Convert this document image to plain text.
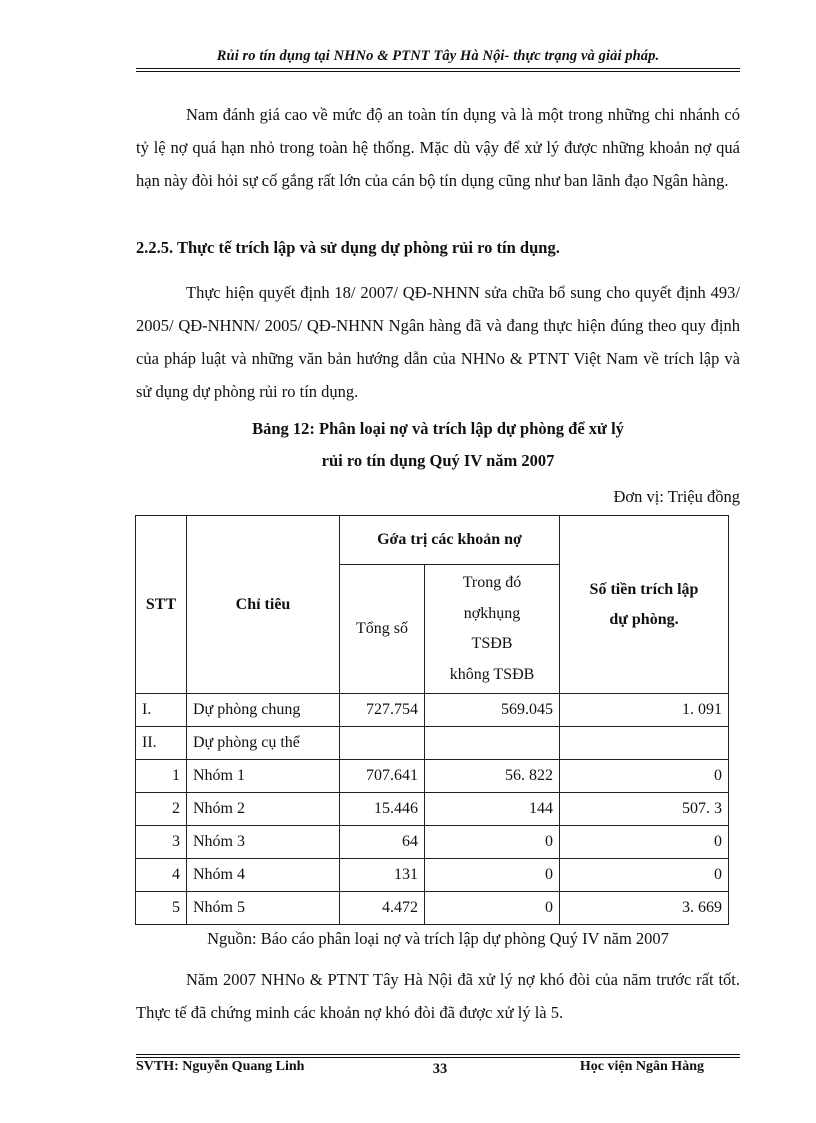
Rủi ro tín dụng tại NHNo & PTNT Tây Hà Nội- thực trạng và giải pháp.

Nam đánh giá cao về mức độ an toàn tín dụng và là một trong những chi nhánh có tỷ lệ nợ quá hạn nhỏ trong toàn hệ thống. Mặc dù vậy để xử lý được những khoản nợ quá hạn này đòi hỏi sự cố gắng rất lớn của cán bộ tín dụng cũng như ban lãnh đạo Ngân hàng.

2.2.5. Thực tế trích lập và sử dụng dự phòng rủi ro tín dụng.

Thực hiện quyết định 18/ 2007/ QĐ-NHNN sửa chữa bổ sung cho quyết định 493/ 2005/ QĐ-NHNN/ 2005/ QĐ-NHNN Ngân hàng đã và đang thực hiện đúng theo quy định của pháp luật và những văn bản hướng dẫn của NHNo & PTNT Việt Nam về trích lập và sử dụng dự phòng rủi ro tín dụng.

Bảng 12: Phân loại nợ và trích lập dự phòng để xử lý
rủi ro tín dụng Quý IV năm 2007
Đơn vị: Triệu đồng
STT	Chỉ tiêu	Gớa trị các khoản nợ		Số tiền trích lập
dự phòng.
		Tổng số	Trong đó
nợkhụng
TSĐB
không TSĐB	
I.	Dự phòng chung	727.754	569.045	1. 091
II.	Dự phòng cụ thể			
1	Nhóm 1	707.641	56. 822	0
2	Nhóm 2	15.446	144	507. 3
3	Nhóm 3	64	0	0
4	Nhóm 4	131	0	0
5	Nhóm 5	4.472	0	3. 669
Nguồn: Báo cáo phân loại nợ và trích lập dự phòng Quý IV năm 2007

Năm 2007 NHNo & PTNT Tây Hà Nội đã xử lý nợ khó đòi của năm trước rất tốt. Thực tế đã chứng minh các khoản nợ khó đòi đã được xử lý là 5.

SVTH: Nguyễn Quang Linh	33	Học viện Ngân Hàng
